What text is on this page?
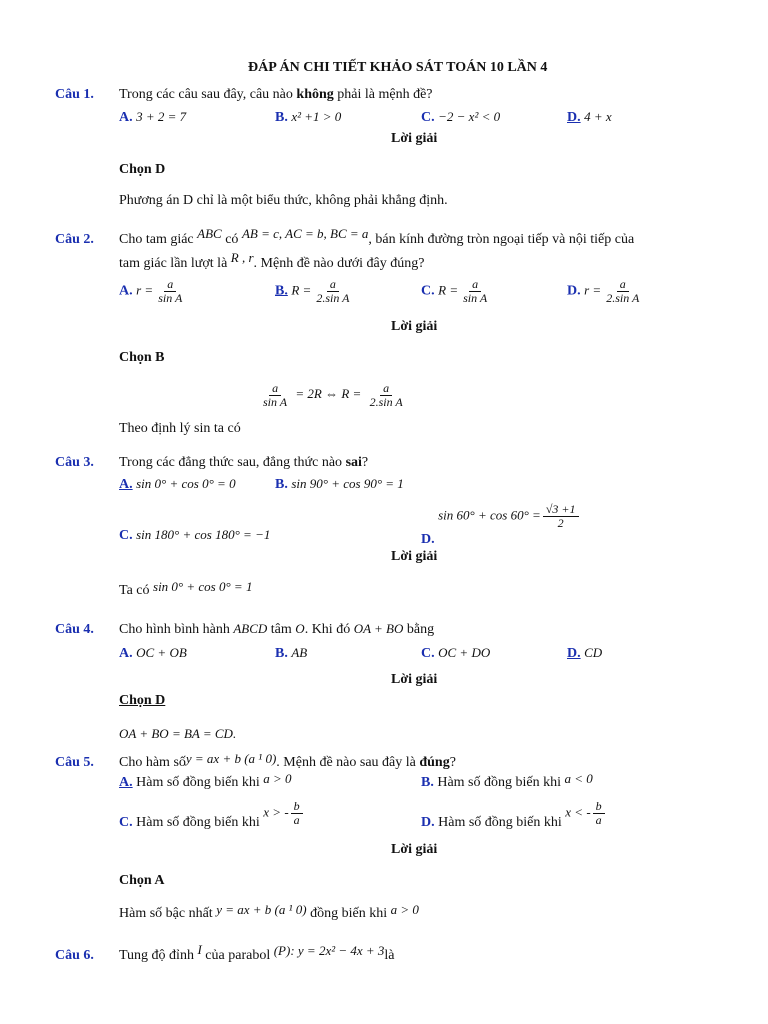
ĐÁP ÁN CHI TIẾT KHẢO SÁT TOÁN 10 LẦN 4
Câu 1. Trong các câu sau đây, câu nào không phải là mệnh đề?
A. 3 + 2 = 7	B. x² +1 > 0	C. −2 − x² < 0	D. 4 + x
Lời giải
Chọn D
Phương án D chỉ là một biểu thức, không phải khẳng định.
Câu 2. Cho tam giác ABC có AB = c, AC = b, BC = a, bán kính đường tròn ngoại tiếp và nội tiếp của
tam giác lần lượt là R , r. Mệnh đề nào dưới đây đúng?
A. $r = \frac{a}{\text{sin A}}$	B. $R = \frac{a}{\text{2.sin A}}$	C. $R = \frac{a}{\text{sin A}}$	D. $r = \frac{a}{\text{2.sin A}}$
Lời giải
Chọn B
$\frac{a}{\text{sin A}} = 2R$ ⇔ $R = \frac{a}{\text{2.sin A}}$
Theo định lý sin ta có
Câu 3. Trong các đẳng thức sau, đẳng thức nào sai?
A. sin 0° + cos 0° = 0	B. sin 90° + cos 90° = 1
C. sin 180° + cos 180° = −1	D. $\sin 60^\circ + \cos 60^\circ = \frac{√3 +1}{2}$
Lời giải
Ta có sin 0° + cos 0° = 1
Câu 4. Cho hình bình hành ABCD tâm O. Khi đó OA + BO bằng
A. OC + OB	B. AB	C. OC + DO	D. CD
Lời giải
Chọn D
OA + BO = BA = CD.
Câu 5. Cho hàm sốy = ax + b (a ¹ 0). Mệnh đề nào sau đây là đúng?
A. Hàm số đồng biến khi a > 0	B. Hàm số đồng biến khi a < 0
C. Hàm số đồng biến khi x > - $\frac{b}{a}$	D. Hàm số đồng biến khi x < - $\frac{b}{a}$
Lời giải
Chọn A
Hàm số bậc nhất y = ax + b (a ¹ 0) đồng biến khi a > 0
Câu 6. Tung độ đỉnh I của parabol (P): y = 2x² − 4x + 3là
